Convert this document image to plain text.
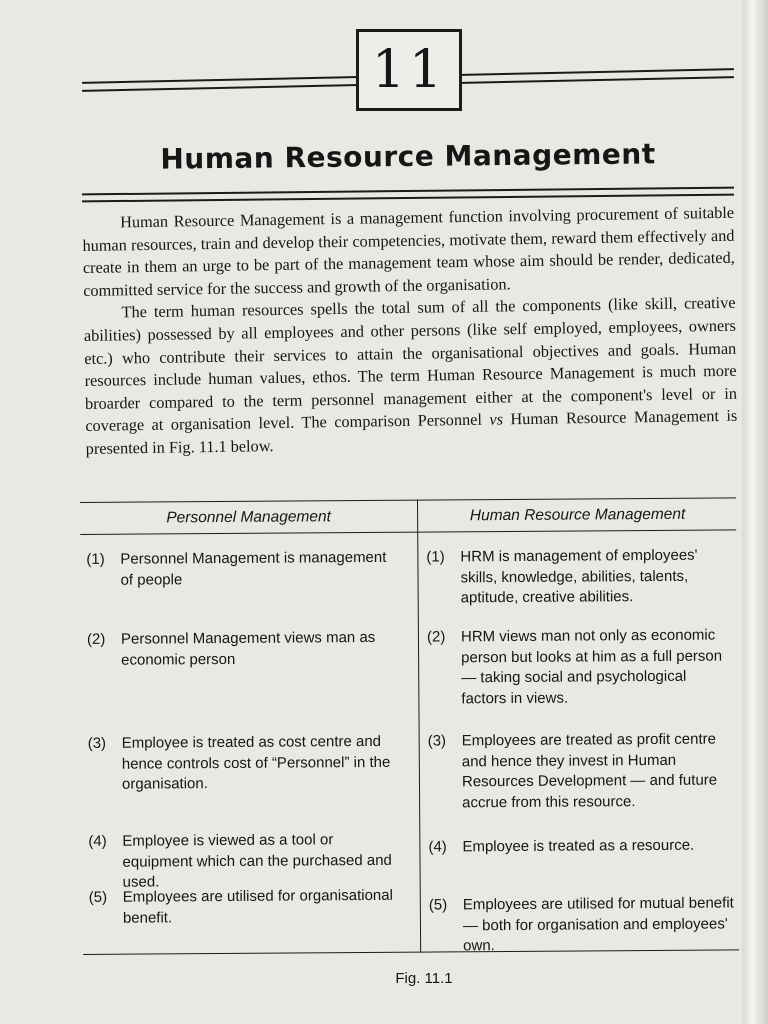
11
Human Resource Management

Human Resource Management is a management function involving procurement of suitable human resources, train and develop their competencies, motivate them, reward them effectively and create in them an urge to be part of the management team whose aim should be render, dedicated, committed service for the success and growth of the organisation.

The term human resources spells the total sum of all the components (like skill, creative abilities) possessed by all employees and other persons (like self employed, employees, owners etc.) who contribute their services to attain the organisational objectives and goals. Human resources include human values, ethos. The term Human Resource Management is much more broarder compared to the term personnel management either at the component's level or in coverage at organisation level. The comparison Personnel vs Human Resource Management is presented in Fig. 11.1 below.

Personnel Management	Human Resource Management
(1) Personnel Management is management of people
(1) HRM is management of employees' skills, knowledge, abilities, talents, aptitude, creative abilities.
(2) Personnel Management views man as economic person
(2) HRM views man not only as economic person but looks at him as a full person — taking social and psychological factors in views.
(3) Employee is treated as cost centre and hence controls cost of “Personnel” in the organisation.
(3) Employees are treated as profit centre and hence they invest in Human Resources Development — and future accrue from this resource.
(4) Employee is viewed as a tool or equipment which can the purchased and used.
(4) Employee is treated as a resource.
(5) Employees are utilised for organisational benefit.
(5) Employees are utilised for mutual benefit — both for organisation and employees' own.
Fig. 11.1
